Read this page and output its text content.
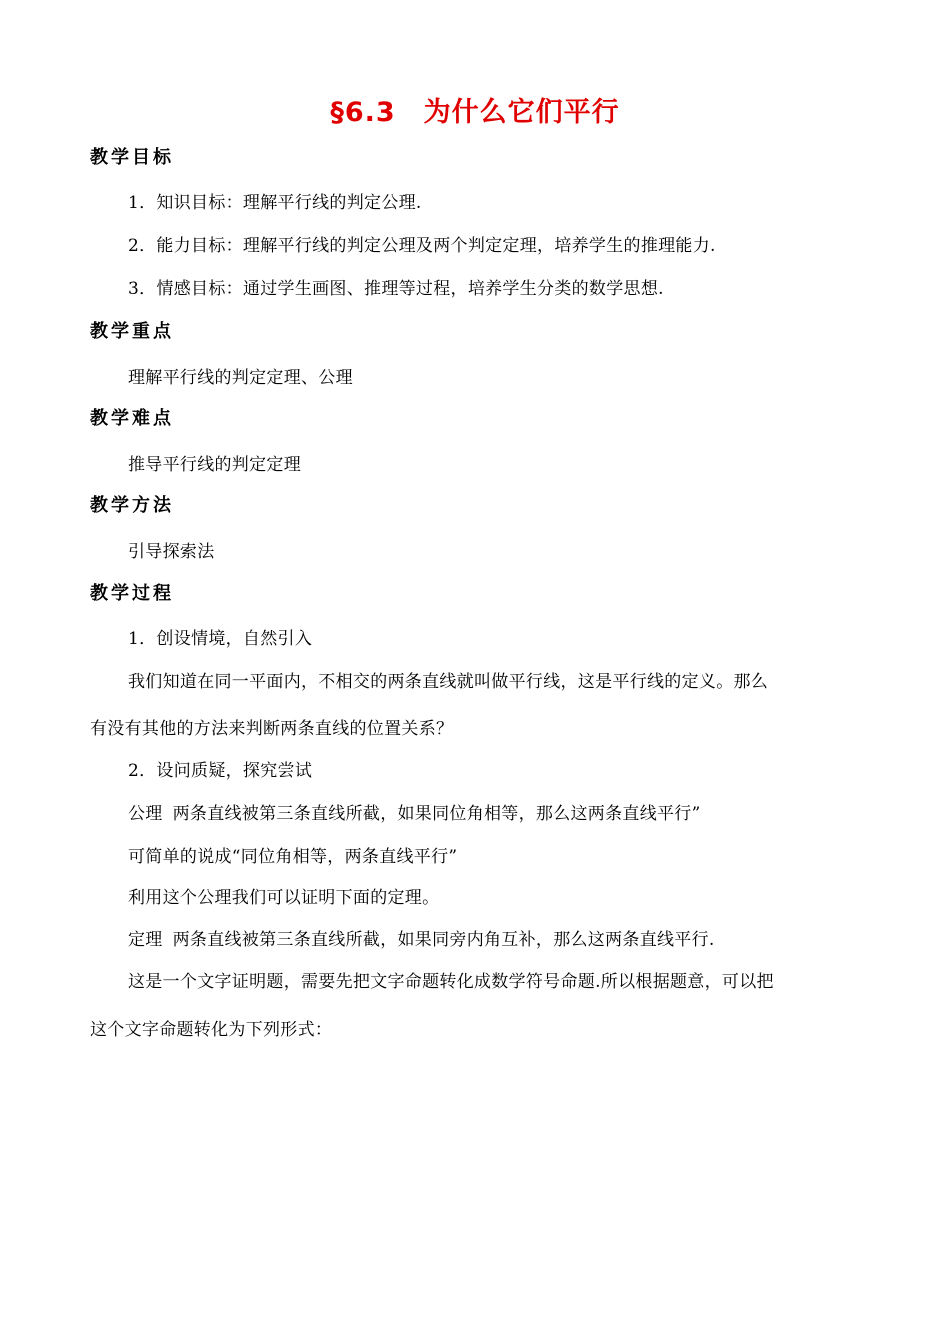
§6.3　为什么它们平行
教学目标
1．知识目标：理解平行线的判定公理.
2．能力目标：理解平行线的判定公理及两个判定定理，培养学生的推理能力.
3．情感目标：通过学生画图、推理等过程，培养学生分类的数学思想.
教学重点
理解平行线的判定定理、公理
教学难点
推导平行线的判定定理
教学方法
引导探索法
教学过程
1．创设情境，自然引入
我们知道在同一平面内，不相交的两条直线就叫做平行线，这是平行线的定义。那么
有没有其他的方法来判断两条直线的位置关系？
2．设问质疑，探究尝试
公理 两条直线被第三条直线所截，如果同位角相等，那么这两条直线平行”
可简单的说成“同位角相等，两条直线平行”
利用这个公理我们可以证明下面的定理。
定理 两条直线被第三条直线所截，如果同旁内角互补，那么这两条直线平行.
这是一个文字证明题，需要先把文字命题转化成数学符号命题.所以根据题意，可以把
这个文字命题转化为下列形式：
